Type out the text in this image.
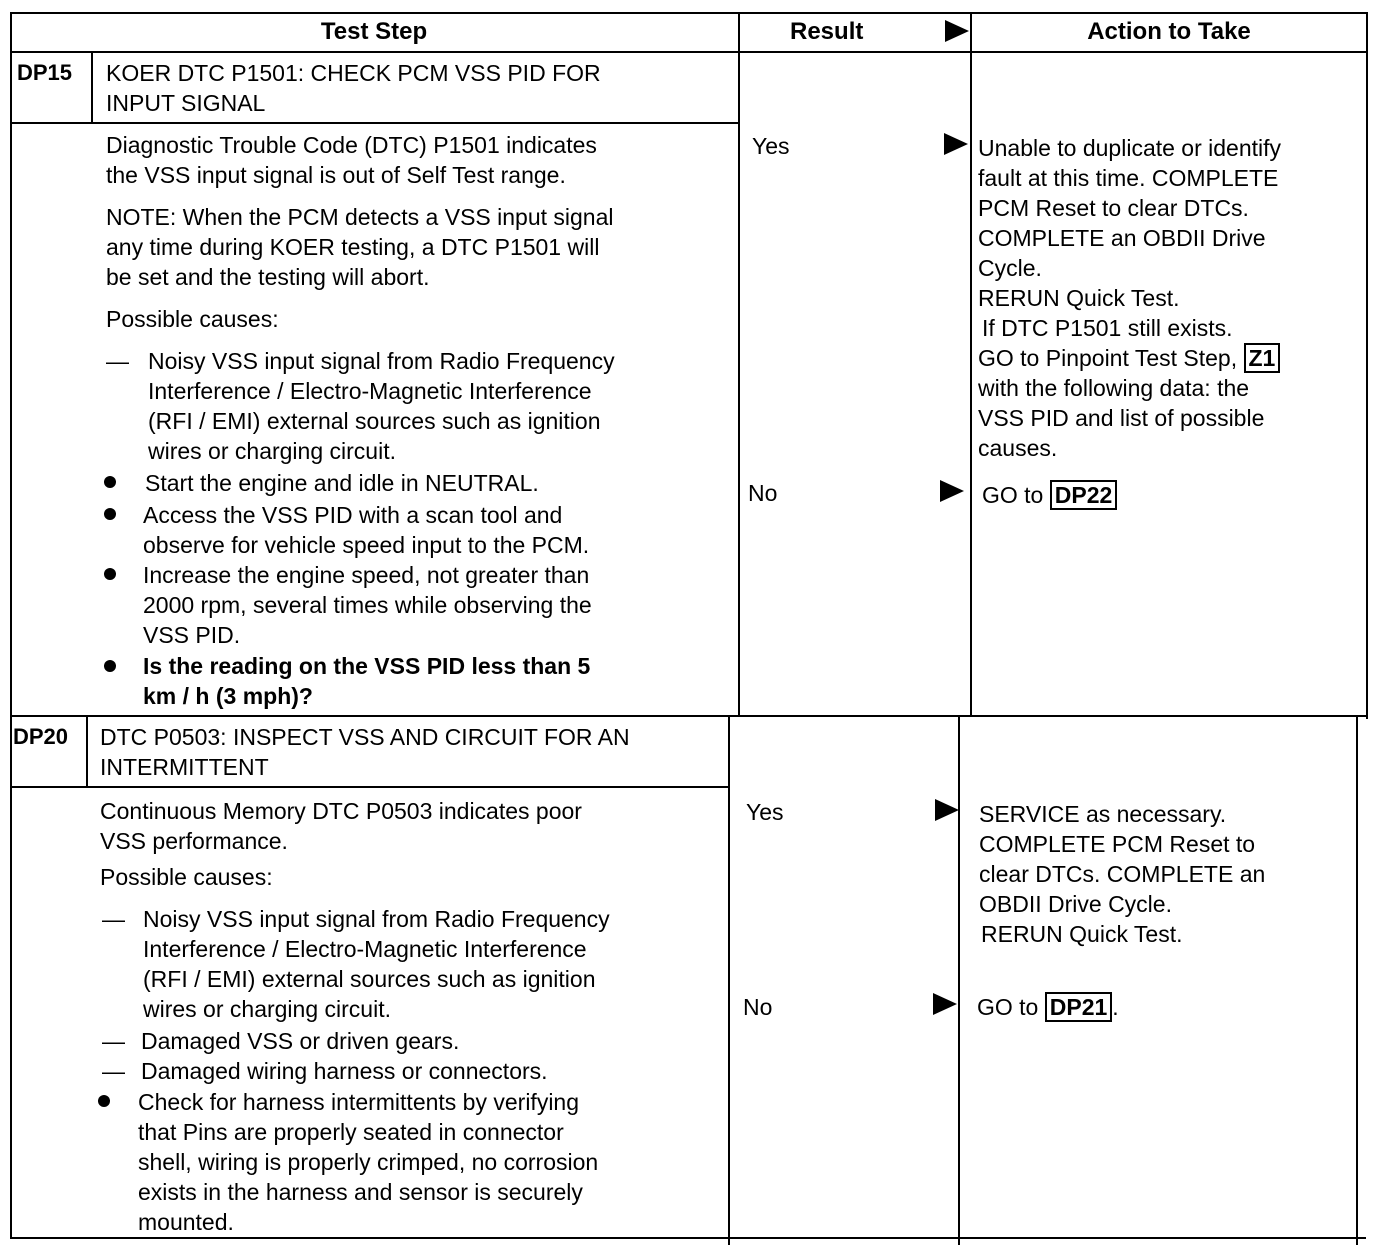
Test Step	Result	Action to Take
DP15 KOER DTC P1501: CHECK PCM VSS PID FOR
INPUT SIGNAL
Diagnostic Trouble Code (DTC) P1501 indicates
the VSS input signal is out of Self Test range.
NOTE: When the PCM detects a VSS input signal
any time during KOER testing, a DTC P1501 will
be set and the testing will abort.
Possible causes:
— Noisy VSS input signal from Radio Frequency
Interference / Electro-Magnetic Interference
(RFI / EMI) external sources such as ignition
wires or charging circuit.
Start the engine and idle in NEUTRAL.
Access the VSS PID with a scan tool and
observe for vehicle speed input to the PCM.
Increase the engine speed, not greater than
2000 rpm, several times while observing the
VSS PID.
Is the reading on the VSS PID less than 5
km / h (3 mph)?
Yes
No
Unable to duplicate or identify
fault at this time. COMPLETE
PCM Reset to clear DTCs.
COMPLETE an OBDII Drive
Cycle.
RERUN Quick Test.
If DTC P1501 still exists.
GO to Pinpoint Test Step, Z1
with the following data: the
VSS PID and list of possible
causes.
GO to DP22
DP20 DTC P0503: INSPECT VSS AND CIRCUIT FOR AN
INTERMITTENT
Continuous Memory DTC P0503 indicates poor
VSS performance.
Possible causes:
— Noisy VSS input signal from Radio Frequency
Interference / Electro-Magnetic Interference
(RFI / EMI) external sources such as ignition
wires or charging circuit.
— Damaged VSS or driven gears.
— Damaged wiring harness or connectors.
Check for harness intermittents by verifying
that Pins are properly seated in connector
shell, wiring is properly crimped, no corrosion
exists in the harness and sensor is securely
mounted.
Yes
No
SERVICE as necessary.
COMPLETE PCM Reset to
clear DTCs. COMPLETE an
OBDII Drive Cycle.
RERUN Quick Test.
GO to DP21 .
